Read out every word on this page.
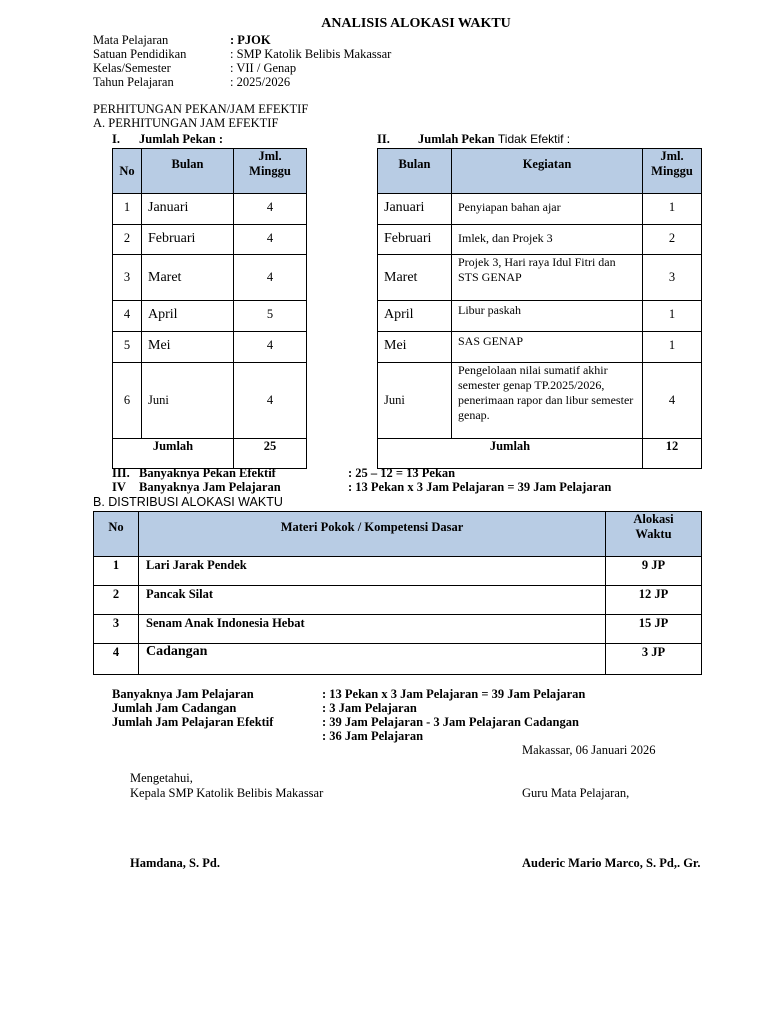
ANALISIS ALOKASI WAKTU
Mata Pelajaran	: PJOK
Satuan Pendidikan	: SMP Katolik Belibis Makassar
Kelas/Semester	: VII / Genap
Tahun Pelajaran	: 2025/2026
PERHITUNGAN PEKAN/JAM EFEKTIF
A. PERHITUNGAN JAM EFEKTIF
I. Jumlah Pekan :	II. Jumlah Pekan Tidak Efektif :
No	Bulan	Jml.
Minggu
1	Januari	4
2	Februari	4
3	Maret	4
4	April	5
5	Mei	4
6	Juni	4
Jumlah		25
Bulan	Kegiatan	Jml.
Minggu
Januari	Penyiapan bahan ajar	1
Februari	Imlek, dan Projek 3	2
Maret	Projek 3, Hari raya Idul Fitri dan STS GENAP	3
April	Libur paskah	1
Mei	SAS GENAP	1
Juni	Pengelolaan nilai sumatif akhir semester genap TP.2025/2026, penerimaan rapor dan libur semester genap.	4
Jumlah		12
III. Banyaknya Pekan Efektif	: 25 – 12 = 13 Pekan
IV Banyaknya Jam Pelajaran	: 13 Pekan x 3 Jam Pelajaran = 39 Jam Pelajaran
B. DISTRIBUSI ALOKASI WAKTU
No	Materi Pokok / Kompetensi Dasar	Alokasi
Waktu
1	Lari Jarak Pendek	9 JP
2	Pancak Silat	12 JP
3	Senam Anak Indonesia Hebat	15 JP
4	Cadangan	3 JP
Banyaknya Jam Pelajaran	: 13 Pekan x 3 Jam Pelajaran = 39 Jam Pelajaran
Jumlah Jam Cadangan	: 3 Jam Pelajaran
Jumlah Jam Pelajaran Efektif	: 39 Jam Pelajaran - 3 Jam Pelajaran Cadangan
: 36 Jam Pelajaran
Makassar, 06 Januari 2026
Mengetahui,
Kepala SMP Katolik Belibis Makassar	Guru Mata Pelajaran,
Hamdana, S. Pd.	Auderic Mario Marco, S. Pd,. Gr.
